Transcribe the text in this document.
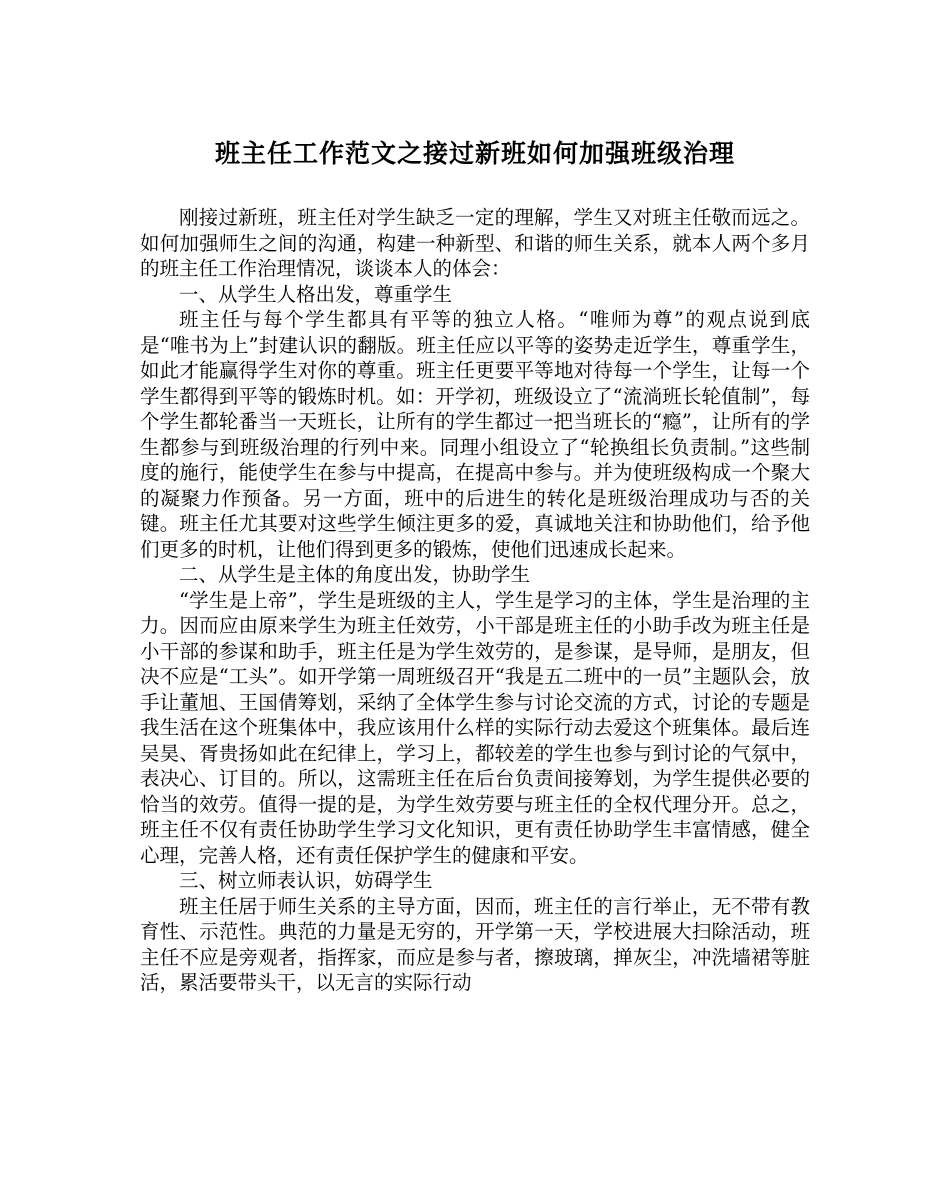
班主任工作范文之接过新班如何加强班级治理

刚接过新班，班主任对学生缺乏一定的理解，学生又对班主任敬而远之。如何加强师生之间的沟通，构建一种新型、和谐的师生关系，就本人两个多月的班主任工作治理情况，谈谈本人的体会：

一、从学生人格出发，尊重学生

班主任与每个学生都具有平等的独立人格。“唯师为尊”的观点说到底是“唯书为上”封建认识的翻版。班主任应以平等的姿势走近学生，尊重学生，如此才能赢得学生对你的尊重。班主任更要平等地对待每一个学生，让每一个学生都得到平等的锻炼时机。如：开学初，班级设立了“流淌班长轮值制”，每个学生都轮番当一天班长，让所有的学生都过一把当班长的“瘾”，让所有的学生都参与到班级治理的行列中来。同理小组设立了“轮换组长负责制。”这些制度的施行，能使学生在参与中提高，在提高中参与。并为使班级构成一个聚大的凝聚力作预备。另一方面，班中的后进生的转化是班级治理成功与否的关键。班主任尤其要对这些学生倾注更多的爱，真诚地关注和协助他们，给予他们更多的时机，让他们得到更多的锻炼，使他们迅速成长起来。

二、从学生是主体的角度出发，协助学生

“学生是上帝”，学生是班级的主人，学生是学习的主体，学生是治理的主力。因而应由原来学生为班主任效劳，小干部是班主任的小助手改为班主任是小干部的参谋和助手，班主任是为学生效劳的，是参谋，是导师，是朋友，但决不应是“工头”。如开学第一周班级召开“我是五二班中的一员”主题队会，放手让董旭、王国倩筹划，采纳了全体学生参与讨论交流的方式，讨论的专题是我生活在这个班集体中，我应该用什么样的实际行动去爱这个班集体。最后连吴昊、胥贵扬如此在纪律上，学习上，都较差的学生也参与到讨论的气氛中，表决心、订目的。所以，这需班主任在后台负责间接筹划，为学生提供必要的恰当的效劳。值得一提的是，为学生效劳要与班主任的全权代理分开。总之，班主任不仅有责任协助学生学习文化知识，更有责任协助学生丰富情感，健全心理，完善人格，还有责任保护学生的健康和平安。

三、树立师表认识，妨碍学生

班主任居于师生关系的主导方面，因而，班主任的言行举止，无不带有教育性、示范性。典范的力量是无穷的，开学第一天，学校进展大扫除活动，班主任不应是旁观者，指挥家，而应是参与者，擦玻璃，掸灰尘，冲洗墙裙等脏活，累活要带头干，以无言的实际行动
